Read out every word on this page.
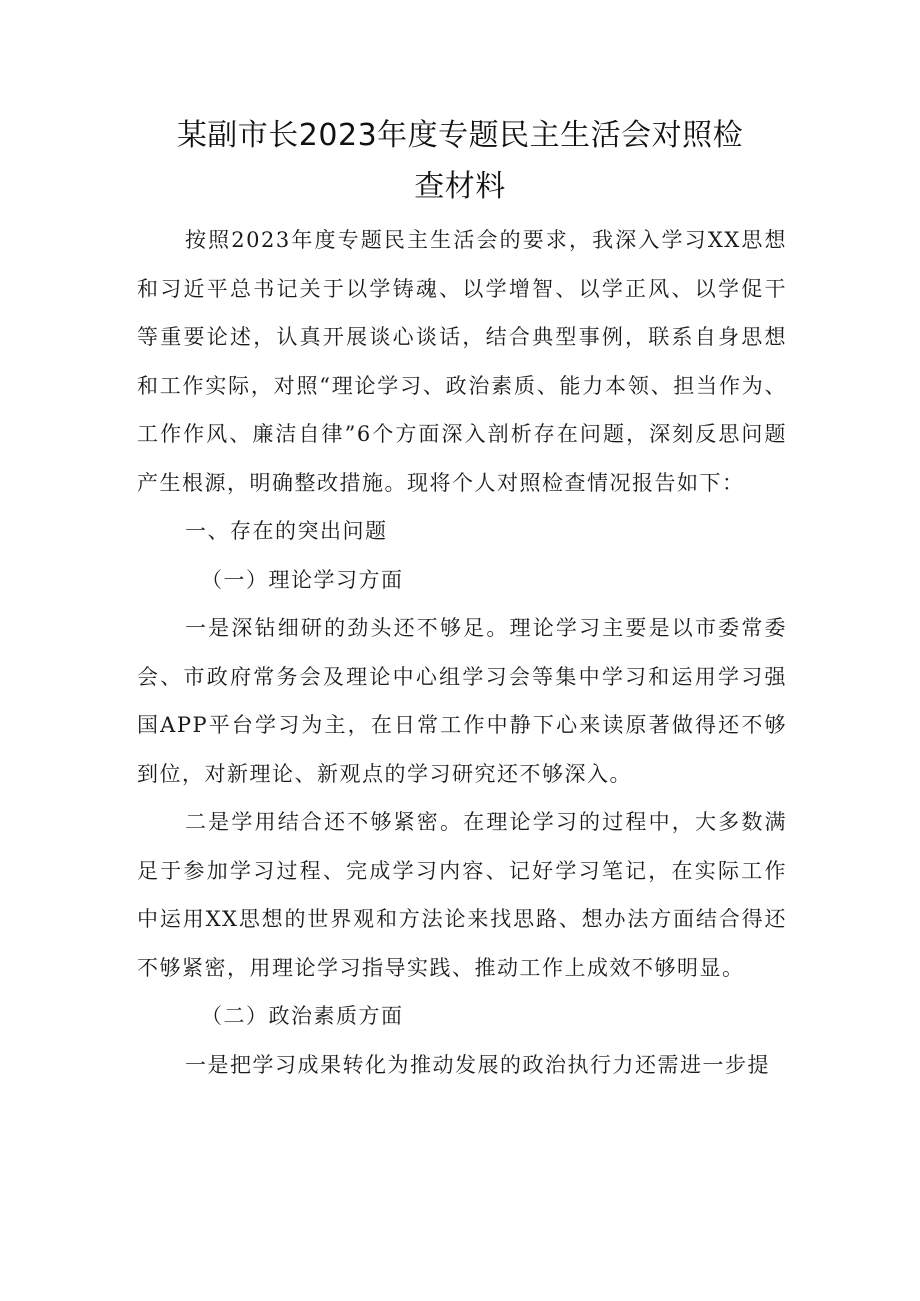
某副市长2023年度专题民主生活会对照检
查材料

按照2023年度专题民主生活会的要求，我深入学习XX思想和习近平总书记关于以学铸魂、以学增智、以学正风、以学促干等重要论述，认真开展谈心谈话，结合典型事例，联系自身思想和工作实际，对照“理论学习、政治素质、能力本领、担当作为、工作作风、廉洁自律”6个方面深入剖析存在问题，深刻反思问题产生根源，明确整改措施。现将个人对照检查情况报告如下：

一、存在的突出问题

（一）理论学习方面

一是深钻细研的劲头还不够足。理论学习主要是以市委常委会、市政府常务会及理论中心组学习会等集中学习和运用学习强国APP平台学习为主，在日常工作中静下心来读原著做得还不够到位，对新理论、新观点的学习研究还不够深入。

二是学用结合还不够紧密。在理论学习的过程中，大多数满足于参加学习过程、完成学习内容、记好学习笔记，在实际工作中运用XX思想的世界观和方法论来找思路、想办法方面结合得还不够紧密，用理论学习指导实践、推动工作上成效不够明显。

（二）政治素质方面

一是把学习成果转化为推动发展的政治执行力还需进一步提
